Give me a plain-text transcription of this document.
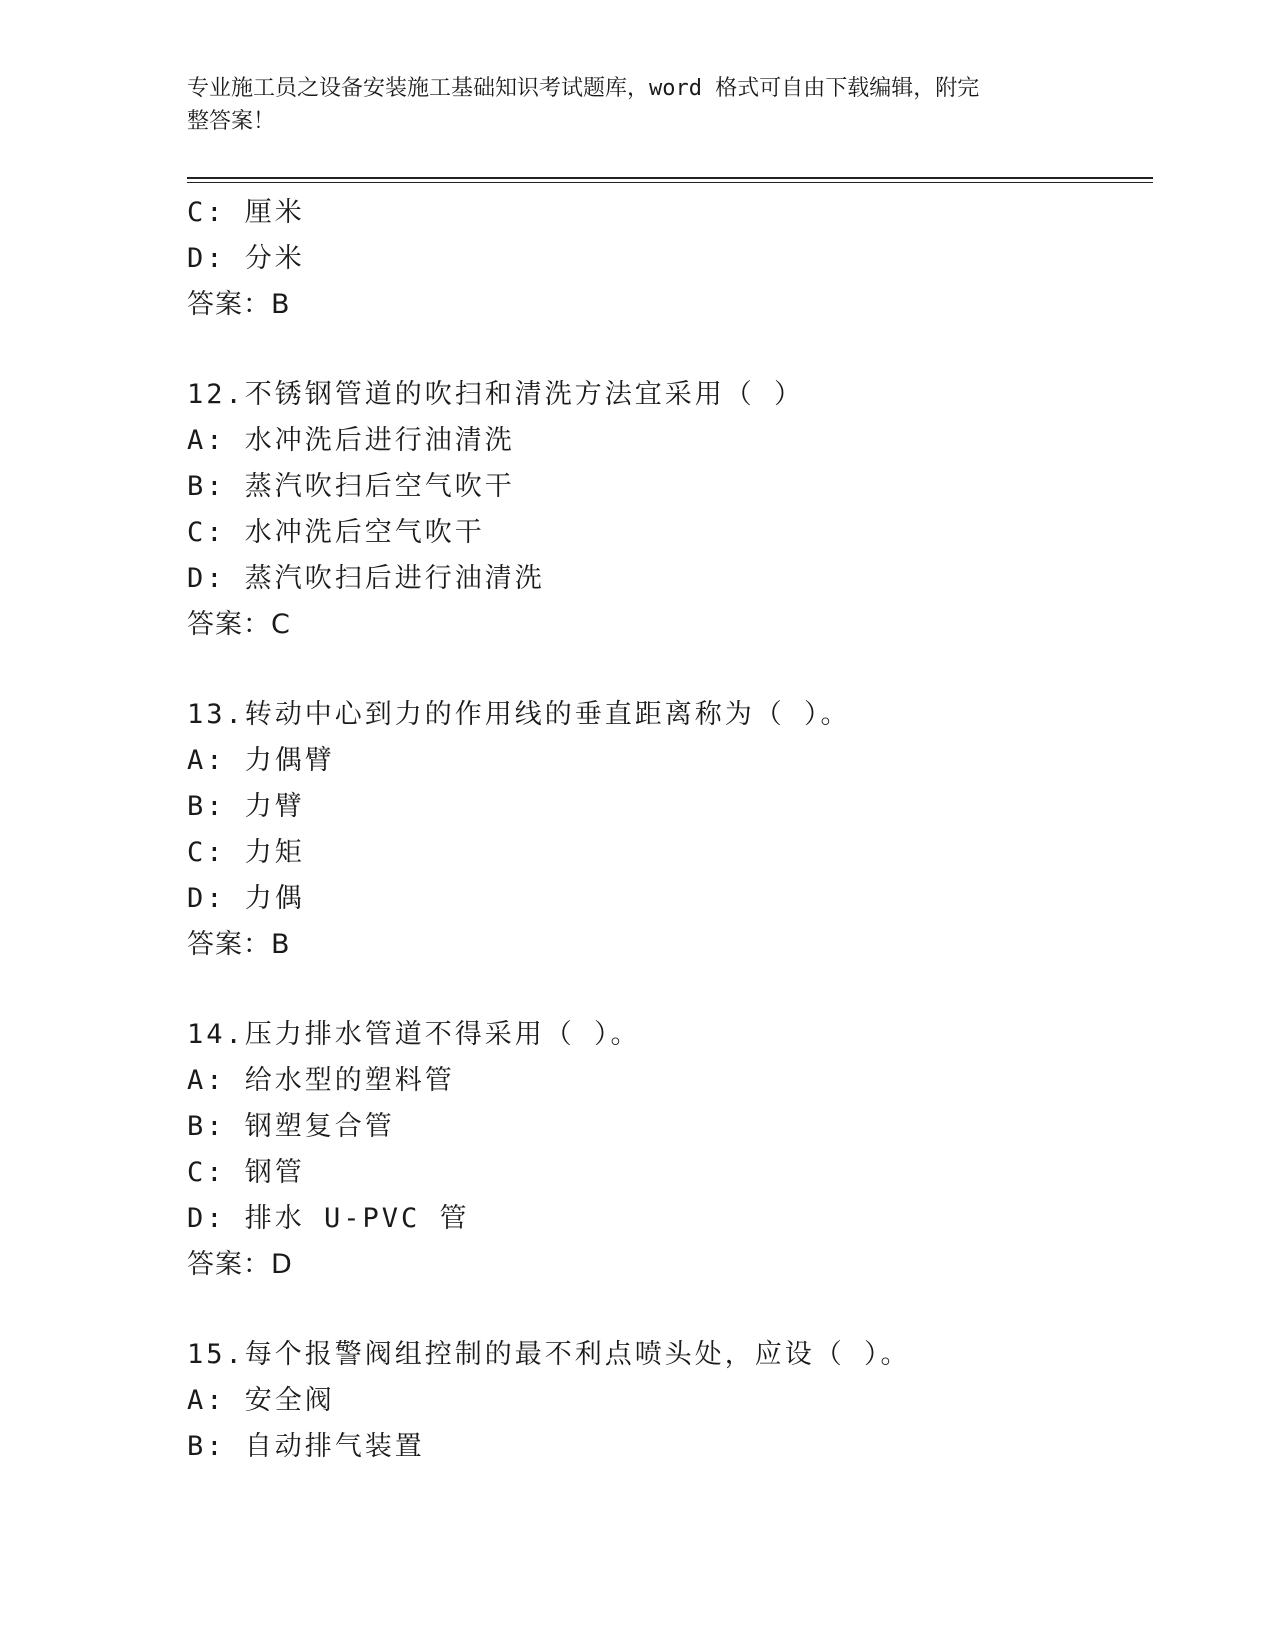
专业施工员之设备安装施工基础知识考试题库，word 格式可自由下载编辑，附完
整答案！
C: 厘米
D: 分米
答案：B
12.不锈钢管道的吹扫和清洗方法宜采用（ ）
A: 水冲洗后进行油清洗
B: 蒸汽吹扫后空气吹干
C: 水冲洗后空气吹干
D: 蒸汽吹扫后进行油清洗
答案：C
13.转动中心到力的作用线的垂直距离称为（ ）。
A: 力偶臂
B: 力臂
C: 力矩
D: 力偶
答案：B
14.压力排水管道不得采用（ ）。
A: 给水型的塑料管
B: 钢塑复合管
C: 钢管
D: 排水 U-PVC 管
答案：D
15.每个报警阀组控制的最不利点喷头处，应设（ ）。
A: 安全阀
B: 自动排气装置
